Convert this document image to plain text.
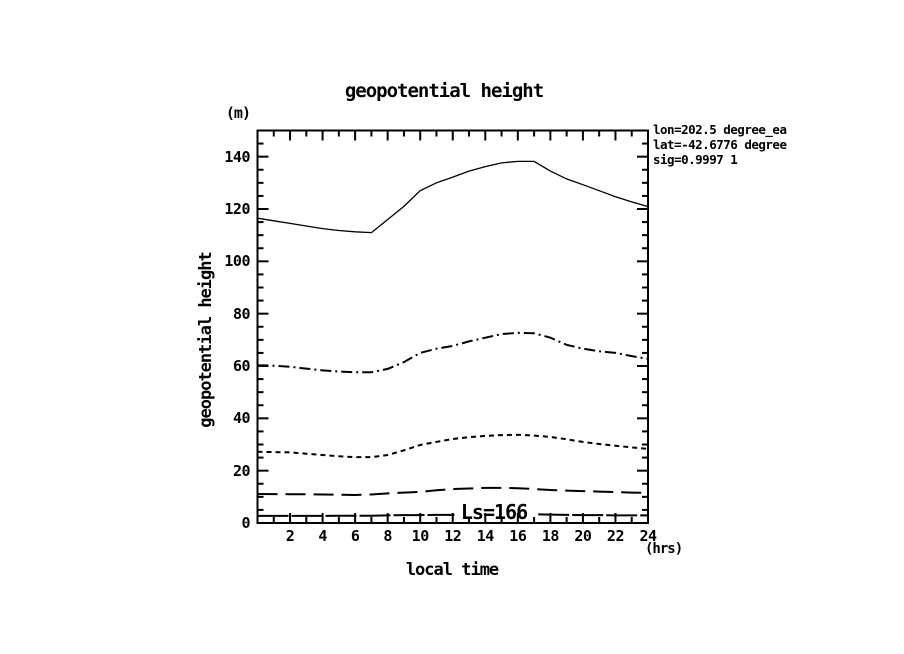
geopotential height
(m)
geopotential height
local time
(hrs)
lon=202.5 degree_ea
lat=-42.6776 degree
sig=0.9997 1
Ls=166
0
20
40
60
80
100
120
140
2 4 6 8 10 12 14 16 18 20 22 24
